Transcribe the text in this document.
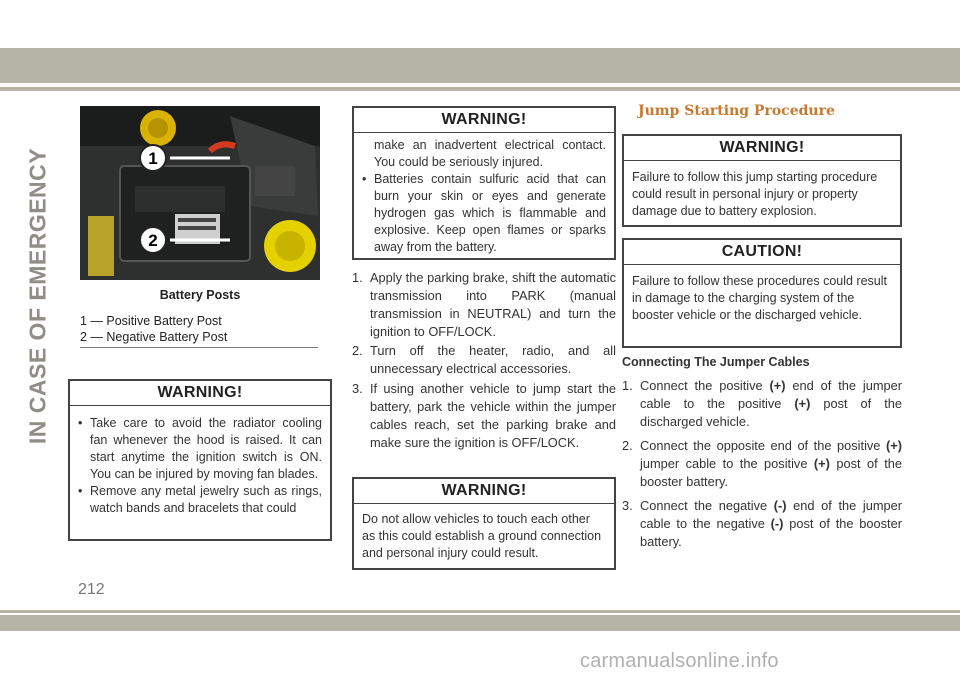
IN CASE OF EMERGENCY	1
2
Battery Posts
1 — Positive Battery Post
2 — Negative Battery Post
WARNING!
• Take care to avoid the radiator cooling fan whenever the hood is raised. It can start anytime the ignition switch is ON. You can be injured by moving fan blades.
• Remove any metal jewelry such as rings, watch bands and bracelets that could
WARNING!
make an inadvertent electrical contact. You could be seriously injured.
• Batteries contain sulfuric acid that can burn your skin or eyes and generate hydrogen gas which is flammable and explosive. Keep open flames or sparks away from the battery.
1. Apply the parking brake, shift the automatic transmission into PARK (manual transmission in NEUTRAL) and turn the ignition to OFF/LOCK.
2. Turn off the heater, radio, and all unnecessary electrical accessories.
3. If using another vehicle to jump start the battery, park the vehicle within the jumper cables reach, set the parking brake and make sure the ignition is OFF/LOCK.
WARNING!
Do not allow vehicles to touch each other as this could establish a ground connection and personal injury could result.
Jump Starting Procedure
WARNING!
Failure to follow this jump starting procedure could result in personal injury or property damage due to battery explosion.
CAUTION!
Failure to follow these procedures could result in damage to the charging system of the booster vehicle or the discharged vehicle.
Connecting The Jumper Cables
1. Connect the positive (+) end of the jumper cable to the positive (+) post of the discharged vehicle.
2. Connect the opposite end of the positive (+) jumper cable to the positive (+) post of the booster battery.
3. Connect the negative (-) end of the jumper cable to the negative (-) post of the booster battery.
212
carmanualsonline.info
